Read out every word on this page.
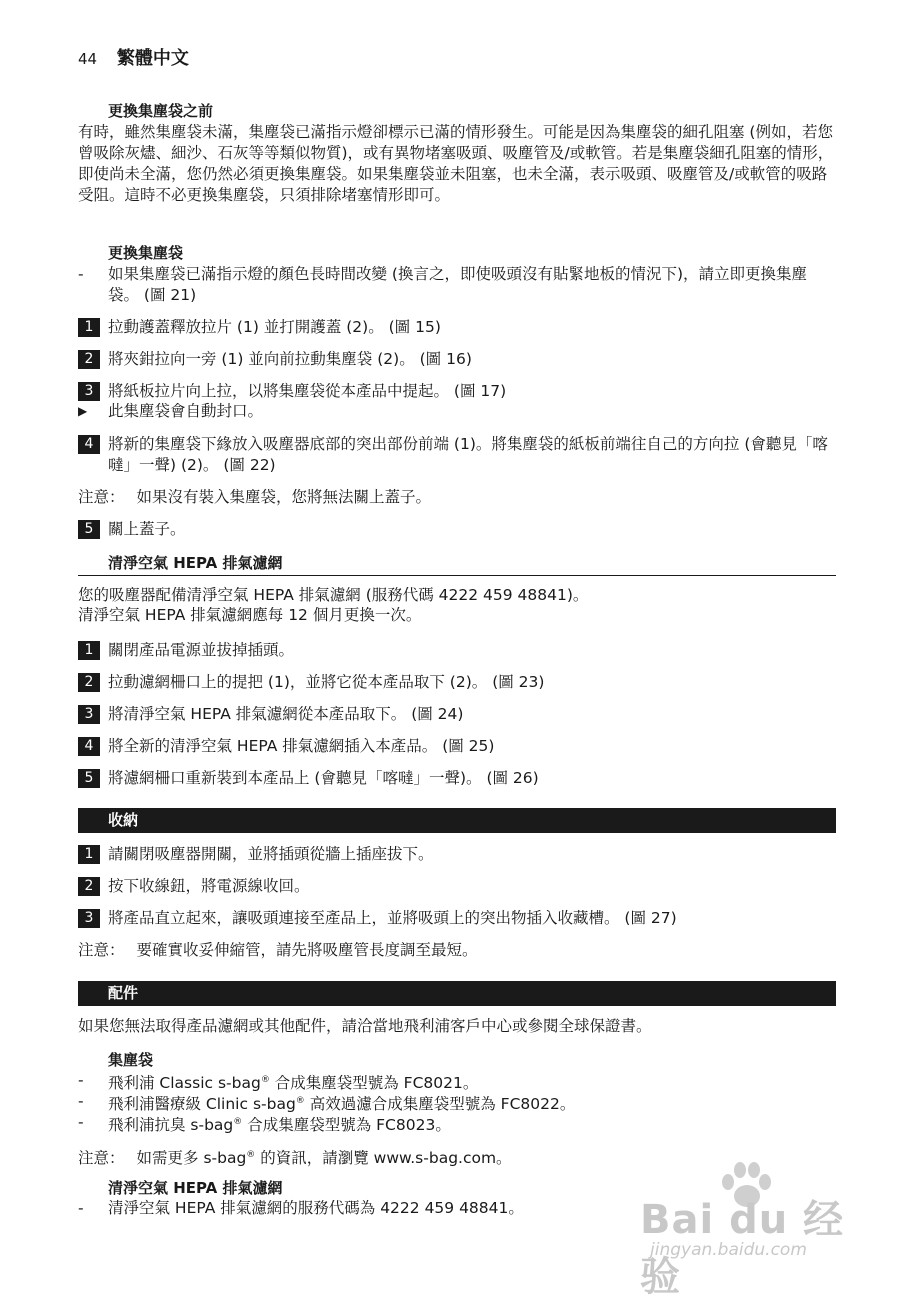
44 繁體中文
更換集塵袋之前
有時，雖然集塵袋未滿，集塵袋已滿指示燈卻標示已滿的情形發生。可能是因為集塵袋的細孔阻塞 (例如，若您曾吸除灰燼、細沙、石灰等等類似物質)，或有異物堵塞吸頭、吸塵管及/或軟管。若是集塵袋細孔阻塞的情形，即使尚未全滿，您仍然必須更換集塵袋。如果集塵袋並未阻塞，也未全滿，表示吸頭、吸塵管及/或軟管的吸路受阻。這時不必更換集塵袋，只須排除堵塞情形即可。
更換集塵袋
- 如果集塵袋已滿指示燈的顏色長時間改變 (換言之，即使吸頭沒有貼緊地板的情況下)，請立即更換集塵袋。 (圖 21)
1 拉動護蓋釋放拉片 (1) 並打開護蓋 (2)。 (圖 15)
2 將夾鉗拉向一旁 (1) 並向前拉動集塵袋 (2)。 (圖 16)
3 將紙板拉片向上拉，以將集塵袋從本產品中提起。 (圖 17)
▶ 此集塵袋會自動封口。
4 將新的集塵袋下緣放入吸塵器底部的突出部份前端 (1)。將集塵袋的紙板前端往自己的方向拉 (會聽見「喀噠」一聲) (2)。 (圖 22)
注意： 如果沒有裝入集塵袋，您將無法關上蓋子。
5 關上蓋子。
清淨空氣 HEPA 排氣濾網
您的吸塵器配備清淨空氣 HEPA 排氣濾網 (服務代碼 4222 459 48841)。
清淨空氣 HEPA 排氣濾網應每 12 個月更換一次。
1 關閉產品電源並拔掉插頭。
2 拉動濾網柵口上的提把 (1)，並將它從本產品取下 (2)。 (圖 23)
3 將清淨空氣 HEPA 排氣濾網從本產品取下。 (圖 24)
4 將全新的清淨空氣 HEPA 排氣濾網插入本產品。 (圖 25)
5 將濾網柵口重新裝到本產品上 (會聽見「喀噠」一聲)。 (圖 26)
收納
1 請關閉吸塵器開關，並將插頭從牆上插座拔下。
2 按下收線鈕，將電源線收回。
3 將產品直立起來，讓吸頭連接至產品上，並將吸頭上的突出物插入收藏槽。 (圖 27)
注意： 要確實收妥伸縮管，請先將吸塵管長度調至最短。
配件
如果您無法取得產品濾網或其他配件，請洽當地飛利浦客戶中心或參閱全球保證書。
集塵袋
- 飛利浦 Classic s-bag® 合成集塵袋型號為 FC8021。
- 飛利浦醫療級 Clinic s-bag® 高效過濾合成集塵袋型號為 FC8022。
- 飛利浦抗臭 s-bag® 合成集塵袋型號為 FC8023。
注意： 如需更多 s-bag® 的資訊，請瀏覽 www.s-bag.com。
清淨空氣 HEPA 排氣濾網
- 清淨空氣 HEPA 排氣濾網的服務代碼為 4222 459 48841。	Bai du 经验
jingyan.baidu.com
